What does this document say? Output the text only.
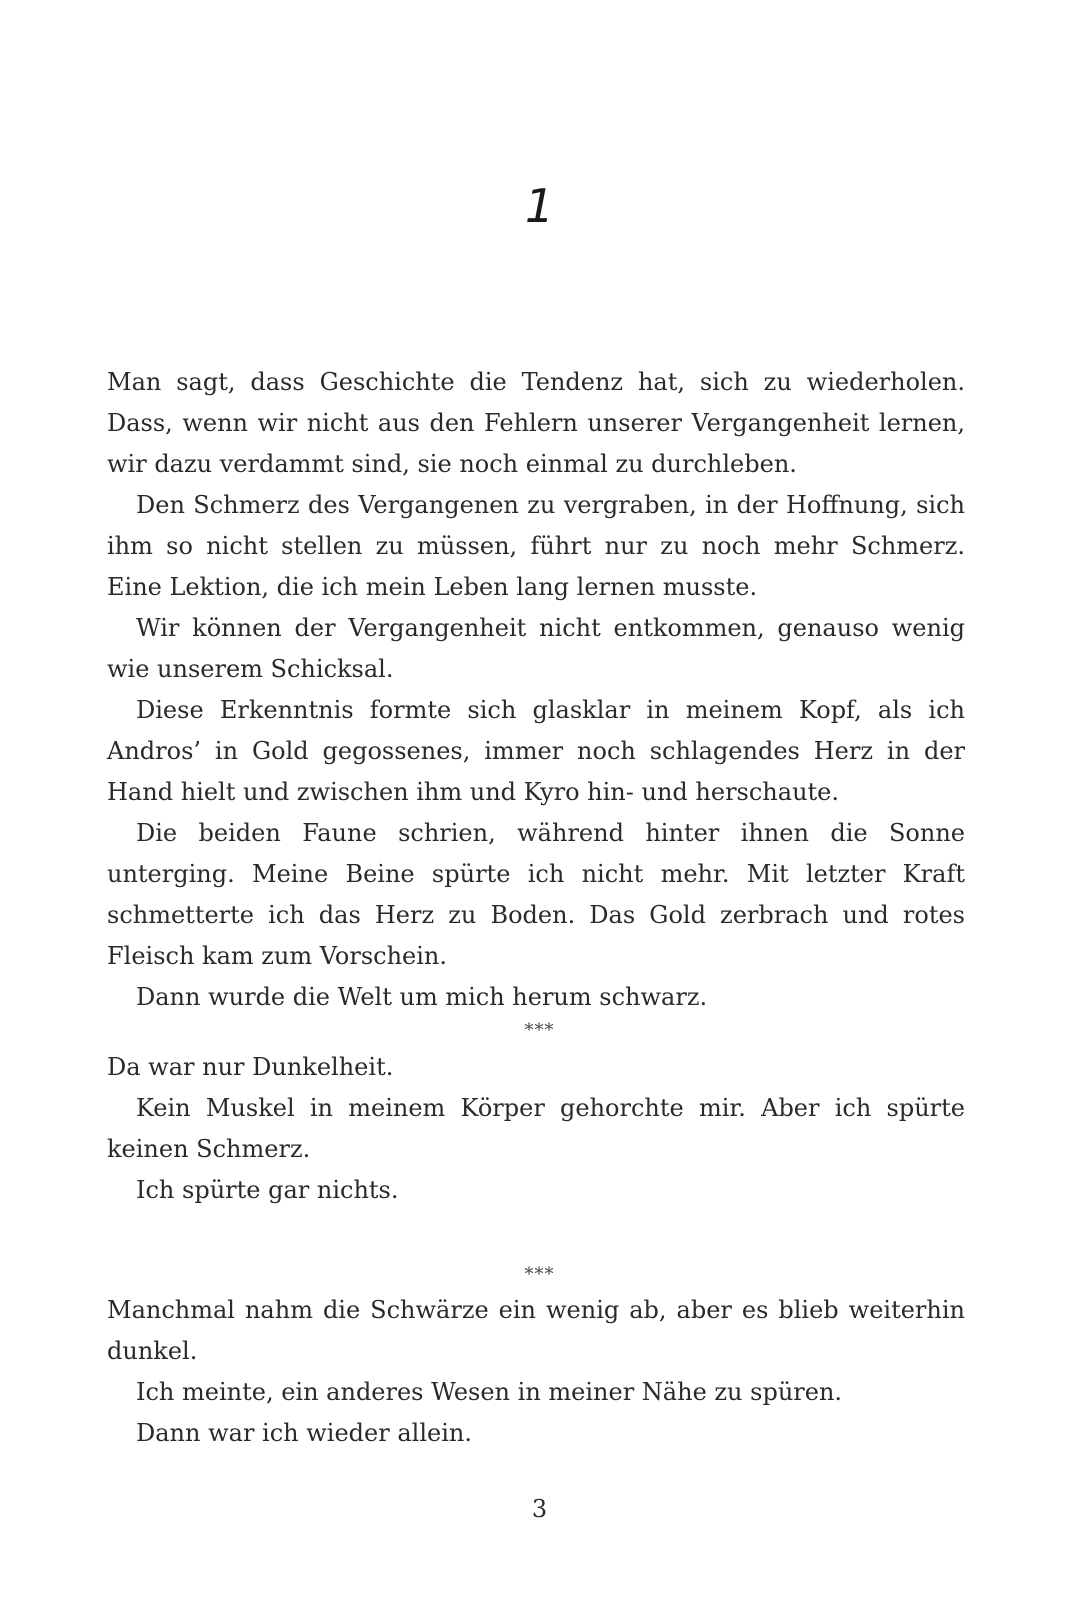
1

Man sagt, dass Geschichte die Tendenz hat, sich zu wiederholen. Dass, wenn wir nicht aus den Fehlern unserer Vergangenheit lernen, wir dazu verdammt sind, sie noch einmal zu durchleben.

Den Schmerz des Vergangenen zu vergraben, in der Hoffnung, sich ihm so nicht stellen zu müssen, führt nur zu noch mehr Schmerz. Eine Lektion, die ich mein Leben lang lernen musste.

Wir können der Vergangenheit nicht entkommen, genauso wenig wie unserem Schicksal.

Diese Erkenntnis formte sich glasklar in meinem Kopf, als ich Andros’ in Gold gegossenes, immer noch schlagendes Herz in der Hand hielt und zwischen ihm und Kyro hin- und herschaute.

Die beiden Faune schrien, während hinter ihnen die Sonne unterging. Meine Beine spürte ich nicht mehr. Mit letzter Kraft schmetterte ich das Herz zu Boden. Das Gold zerbrach und rotes Fleisch kam zum Vorschein.

Dann wurde die Welt um mich herum schwarz.

***

Da war nur Dunkelheit.

Kein Muskel in meinem Körper gehorchte mir. Aber ich spürte keinen Schmerz.

Ich spürte gar nichts.

***

Manchmal nahm die Schwärze ein wenig ab, aber es blieb weiterhin dunkel.

Ich meinte, ein anderes Wesen in meiner Nähe zu spüren.

Dann war ich wieder allein.

3
